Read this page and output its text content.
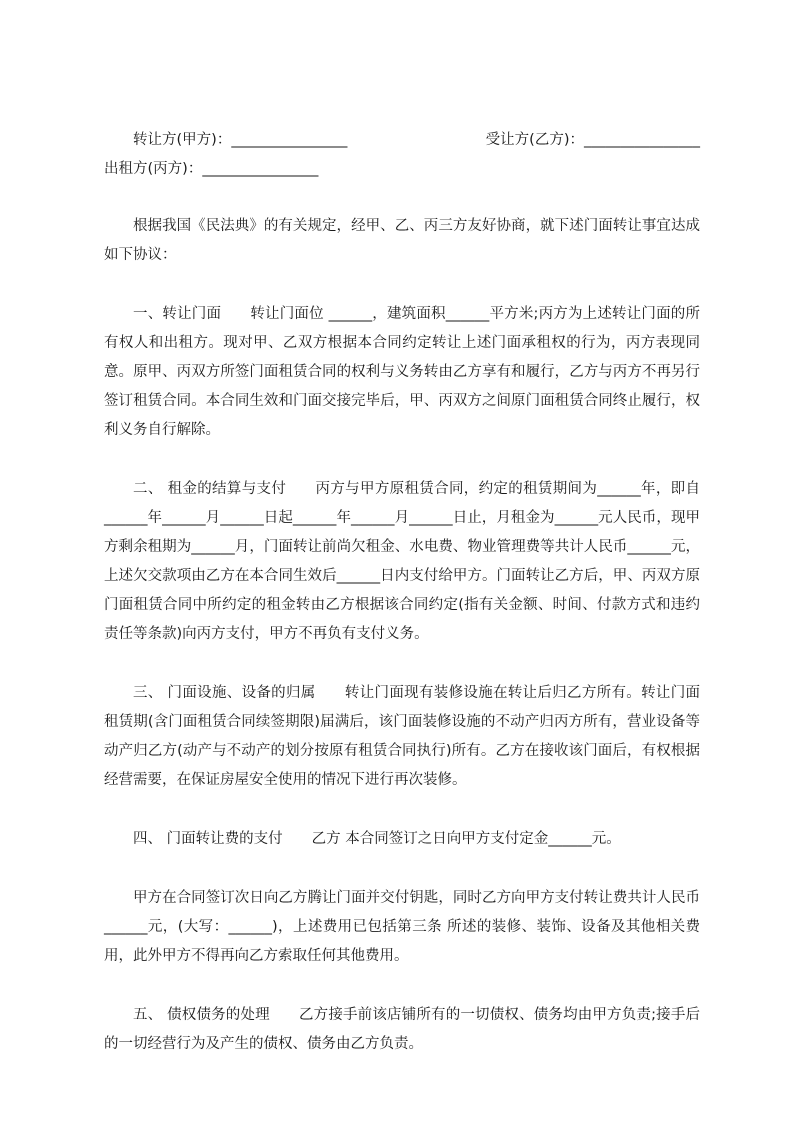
转让方(甲方)：________________	受让方(乙方)：________________
出租方(丙方)：________________

根据我国《民法典》的有关规定，经甲、乙、丙三方友好协商，就下述门面转让事宜达成如下协议：

一、转让门面 转让门面位 ______，建筑面积______平方米;丙方为上述转让门面的所有权人和出租方。现对甲、乙双方根据本合同约定转让上述门面承租权的行为，丙方表现同意。原甲、丙双方所签门面租赁合同的权利与义务转由乙方享有和履行，乙方与丙方不再另行签订租赁合同。本合同生效和门面交接完毕后，甲、丙双方之间原门面租赁合同终止履行，权利义务自行解除。

二、 租金的结算与支付 丙方与甲方原租赁合同，约定的租赁期间为______年，即自______年______月______日起______年______月______日止，月租金为______元人民币，现甲方剩余租期为______月，门面转让前尚欠租金、水电费、物业管理费等共计人民币______元，上述欠交款项由乙方在本合同生效后______日内支付给甲方。门面转让乙方后，甲、丙双方原门面租赁合同中所约定的租金转由乙方根据该合同约定(指有关金额、时间、付款方式和违约责任等条款)向丙方支付，甲方不再负有支付义务。

三、 门面设施、设备的归属 转让门面现有装修设施在转让后归乙方所有。转让门面租赁期(含门面租赁合同续签期限)届满后，该门面装修设施的不动产归丙方所有，营业设备等动产归乙方(动产与不动产的划分按原有租赁合同执行)所有。乙方在接收该门面后，有权根据经营需要，在保证房屋安全使用的情况下进行再次装修。

四、 门面转让费的支付 乙方 本合同签订之日向甲方支付定金______元。

甲方在合同签订次日向乙方腾让门面并交付钥匙，同时乙方向甲方支付转让费共计人民币______元，(大写：______)，上述费用已包括第三条 所述的装修、装饰、设备及其他相关费用，此外甲方不得再向乙方索取任何其他费用。

五、 债权债务的处理 乙方接手前该店铺所有的一切债权、债务均由甲方负责;接手后的一切经营行为及产生的债权、债务由乙方负责。
